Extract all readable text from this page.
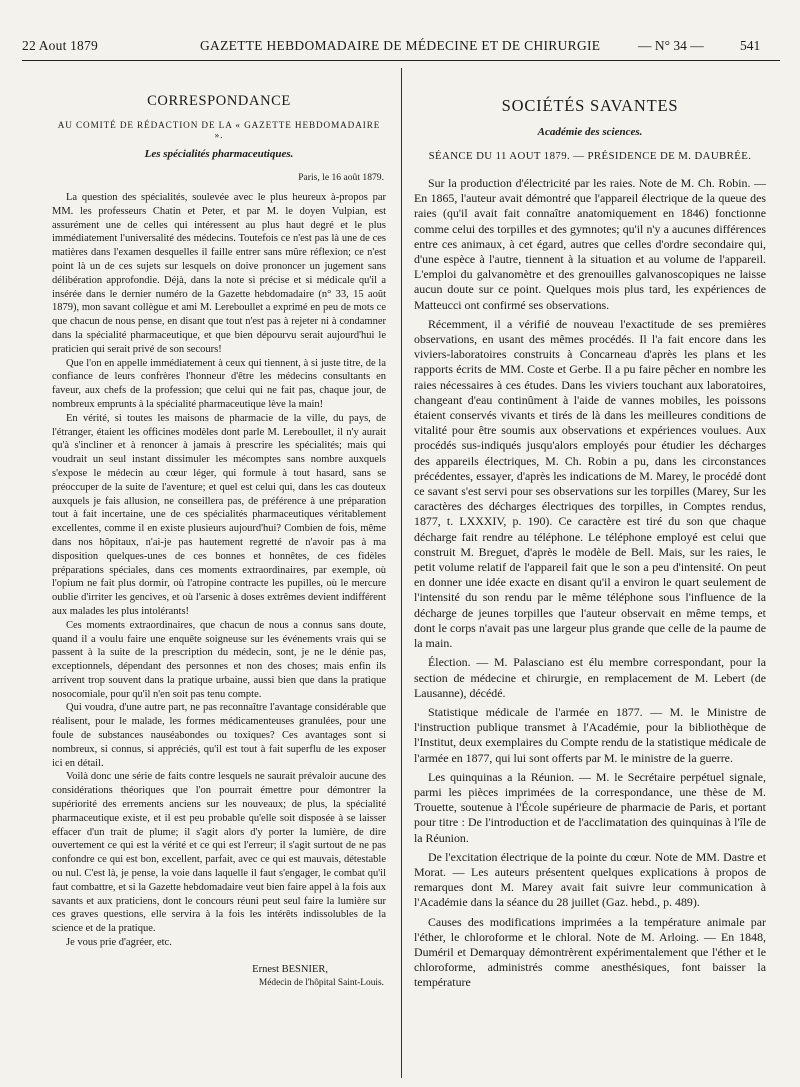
22 Aout 1879	GAZETTE HEBDOMADAIRE DE MÉDECINE ET DE CHIRURGIE	— N° 34 —	541
CORRESPONDANCE
AU COMITÉ DE RÉDACTION DE LA « GAZETTE HEBDOMADAIRE ».
Les spécialités pharmaceutiques.
Paris, le 16 août 1879.

La question des spécialités, soulevée avec le plus heureux à-propos par MM. les professeurs Chatin et Peter, et par M. le doyen Vulpian, est assurément une de celles qui intéressent au plus haut degré et le plus immédiatement l'universalité des médecins. Toutefois ce n'est pas là une de ces matières dans l'examen desquelles il faille entrer sans mûre réflexion; ce n'est point là un de ces sujets sur lesquels on doive prononcer un jugement sans délibération approfondie. Déjà, dans la note si précise et si médicale qu'il a insérée dans le dernier numéro de la Gazette hebdomadaire (n° 33, 15 août 1879), mon savant collègue et ami M. Lereboullet a exprimé en peu de mots ce que chacun de nous pense, en disant que tout n'est pas à rejeter ni à condamner dans la spécialité pharmaceutique, et que bien dépourvu serait aujourd'hui le praticien qui serait privé de son secours!

Que l'on en appelle immédiatement à ceux qui tiennent, à si juste titre, de la confiance de leurs confrères l'honneur d'être les médecins consultants en faveur, aux chefs de la profession; que celui qui ne fait pas, chaque jour, de nombreux emprunts à la spécialité pharmaceutique lève la main!

En vérité, si toutes les maisons de pharmacie de la ville, du pays, de l'étranger, étaient les officines modèles dont parle M. Lereboullet, il n'y aurait qu'à s'incliner et à renoncer à jamais à prescrire les spécialités; mais qui voudrait un seul instant dissimuler les mécomptes sans nombre auxquels s'expose le médecin au cœur léger, qui formule à tout hasard, sans se préoccuper de la suite de l'aventure; et quel est celui qui, dans les cas douteux auxquels je fais allusion, ne conseillera pas, de préférence à une préparation tout à fait incertaine, une de ces spécialités pharmaceutiques véritablement excellentes, comme il en existe plusieurs aujourd'hui? Combien de fois, même dans nos hôpitaux, n'ai-je pas hautement regretté de n'avoir pas à ma disposition quelques-unes de ces bonnes et honnêtes, de ces fidèles préparations spéciales, dans ces moments extraordinaires, par exemple, où l'opium ne fait plus dormir, où l'atropine contracte les pupilles, où le mercure oublie d'irriter les gencives, et où l'arsenic à doses extrêmes devient indifférent aux malades les plus intolérants!

Ces moments extraordinaires, que chacun de nous a connus sans doute, quand il a voulu faire une enquête soigneuse sur les événements vrais qui se passent à la suite de la prescription du médecin, sont, je ne le dénie pas, exceptionnels, dépendant des personnes et non des choses; mais enfin ils arrivent trop souvent dans la pratique urbaine, aussi bien que dans la pratique nosocomiale, pour qu'il n'en soit pas tenu compte.

Qui voudra, d'une autre part, ne pas reconnaître l'avantage considérable que réalisent, pour le malade, les formes médicamenteuses granulées, pour une foule de substances nauséabondes ou toxiques? Ces avantages sont si nombreux, si connus, si appréciés, qu'il est tout à fait superflu de les exposer ici en détail.

Voilà donc une série de faits contre lesquels ne saurait prévaloir aucune des considérations théoriques que l'on pourrait émettre pour démontrer la supériorité des errements anciens sur les nouveaux; de plus, la spécialité pharmaceutique existe, et il est peu probable qu'elle soit disposée à se laisser effacer d'un trait de plume; il s'agit alors d'y porter la lumière, de dire ouvertement ce qui est la vérité et ce qui est l'erreur; il s'agit surtout de ne pas confondre ce qui est bon, excellent, parfait, avec ce qui est mauvais, détestable ou nul. C'est là, je pense, la voie dans laquelle il faut s'engager, le combat qu'il faut combattre, et si la Gazette hebdomadaire veut bien faire appel à la fois aux savants et aux praticiens, dont le concours réuni peut seul faire la lumière sur ces graves questions, elle servira à la fois les intérêts indissolubles de la science et de la pratique.

Je vous prie d'agréer, etc.

Ernest BESNIER,
Médecin de l'hôpital Saint-Louis.
SOCIÉTÉS SAVANTES
Académie des sciences.
SÉANCE DU 11 AOUT 1879. — PRÉSIDENCE DE M. DAUBRÉE.

Sur la production d'électricité par les raies. Note de M. Ch. Robin. — En 1865, l'auteur avait démontré que l'appareil électrique de la queue des raies (qu'il avait fait connaître anatomiquement en 1846) fonctionne comme celui des torpilles et des gymnotes; qu'il n'y a aucunes différences entre ces animaux, à cet égard, autres que celles d'ordre secondaire qui, d'une espèce à l'autre, tiennent à la situation et au volume de l'appareil. L'emploi du galvanomètre et des grenouilles galvanoscopiques ne laisse aucun doute sur ce point. Quelques mois plus tard, les expériences de Matteucci ont confirmé ses observations.

Récemment, il a vérifié de nouveau l'exactitude de ses premières observations, en usant des mêmes procédés. Il l'a fait encore dans les viviers-laboratoires construits à Concarneau d'après les plans et les rapports écrits de MM. Coste et Gerbe. Il a pu faire pêcher en nombre les raies nécessaires à ces études. Dans les viviers touchant aux laboratoires, changeant d'eau continûment à l'aide de vannes mobiles, les poissons étaient conservés vivants et tirés de là dans les meilleures conditions de vitalité pour être soumis aux observations et expériences voulues. Aux procédés sus-indiqués jusqu'alors employés pour étudier les décharges des appareils électriques, M. Ch. Robin a pu, dans les circonstances précédentes, essayer, d'après les indications de M. Marey, le procédé dont ce savant s'est servi pour ses observations sur les torpilles (Marey, Sur les caractères des décharges électriques des torpilles, in Comptes rendus, 1877, t. LXXXIV, p. 190). Ce caractère est tiré du son que chaque décharge fait rendre au téléphone. Le téléphone employé est celui que construit M. Breguet, d'après le modèle de Bell. Mais, sur les raies, le petit volume relatif de l'appareil fait que le son a peu d'intensité. On peut en donner une idée exacte en disant qu'il a environ le quart seulement de l'intensité du son rendu par le même téléphone sous l'influence de la décharge de jeunes torpilles que l'auteur observait en même temps, et dont le corps n'avait pas une largeur plus grande que celle de la paume de la main.

Élection. — M. Palasciano est élu membre correspondant, pour la section de médecine et chirurgie, en remplacement de M. Lebert (de Lausanne), décédé.

Statistique médicale de l'armée en 1877. — M. le Ministre de l'instruction publique transmet à l'Académie, pour la bibliothèque de l'Institut, deux exemplaires du Compte rendu de la statistique médicale de l'armée en 1877, qui lui sont offerts par M. le ministre de la guerre.

Les quinquinas a la Réunion. — M. le Secrétaire perpétuel signale, parmi les pièces imprimées de la correspondance, une thèse de M. Trouette, soutenue à l'École supérieure de pharmacie de Paris, et portant pour titre : De l'introduction et de l'acclimatation des quinquinas à l'île de la Réunion.

De l'excitation électrique de la pointe du cœur. Note de MM. Dastre et Morat. — Les auteurs présentent quelques explications à propos de remarques dont M. Marey avait fait suivre leur communication à l'Académie dans la séance du 28 juillet (Gaz. hebd., p. 489).

Causes des modifications imprimées a la température animale par l'éther, le chloroforme et le chloral. Note de M. Arloing. — En 1848, Duméril et Demarquay démontrèrent expérimentalement que l'éther et le chloroforme, administrés comme anesthésiques, font baisser la température
